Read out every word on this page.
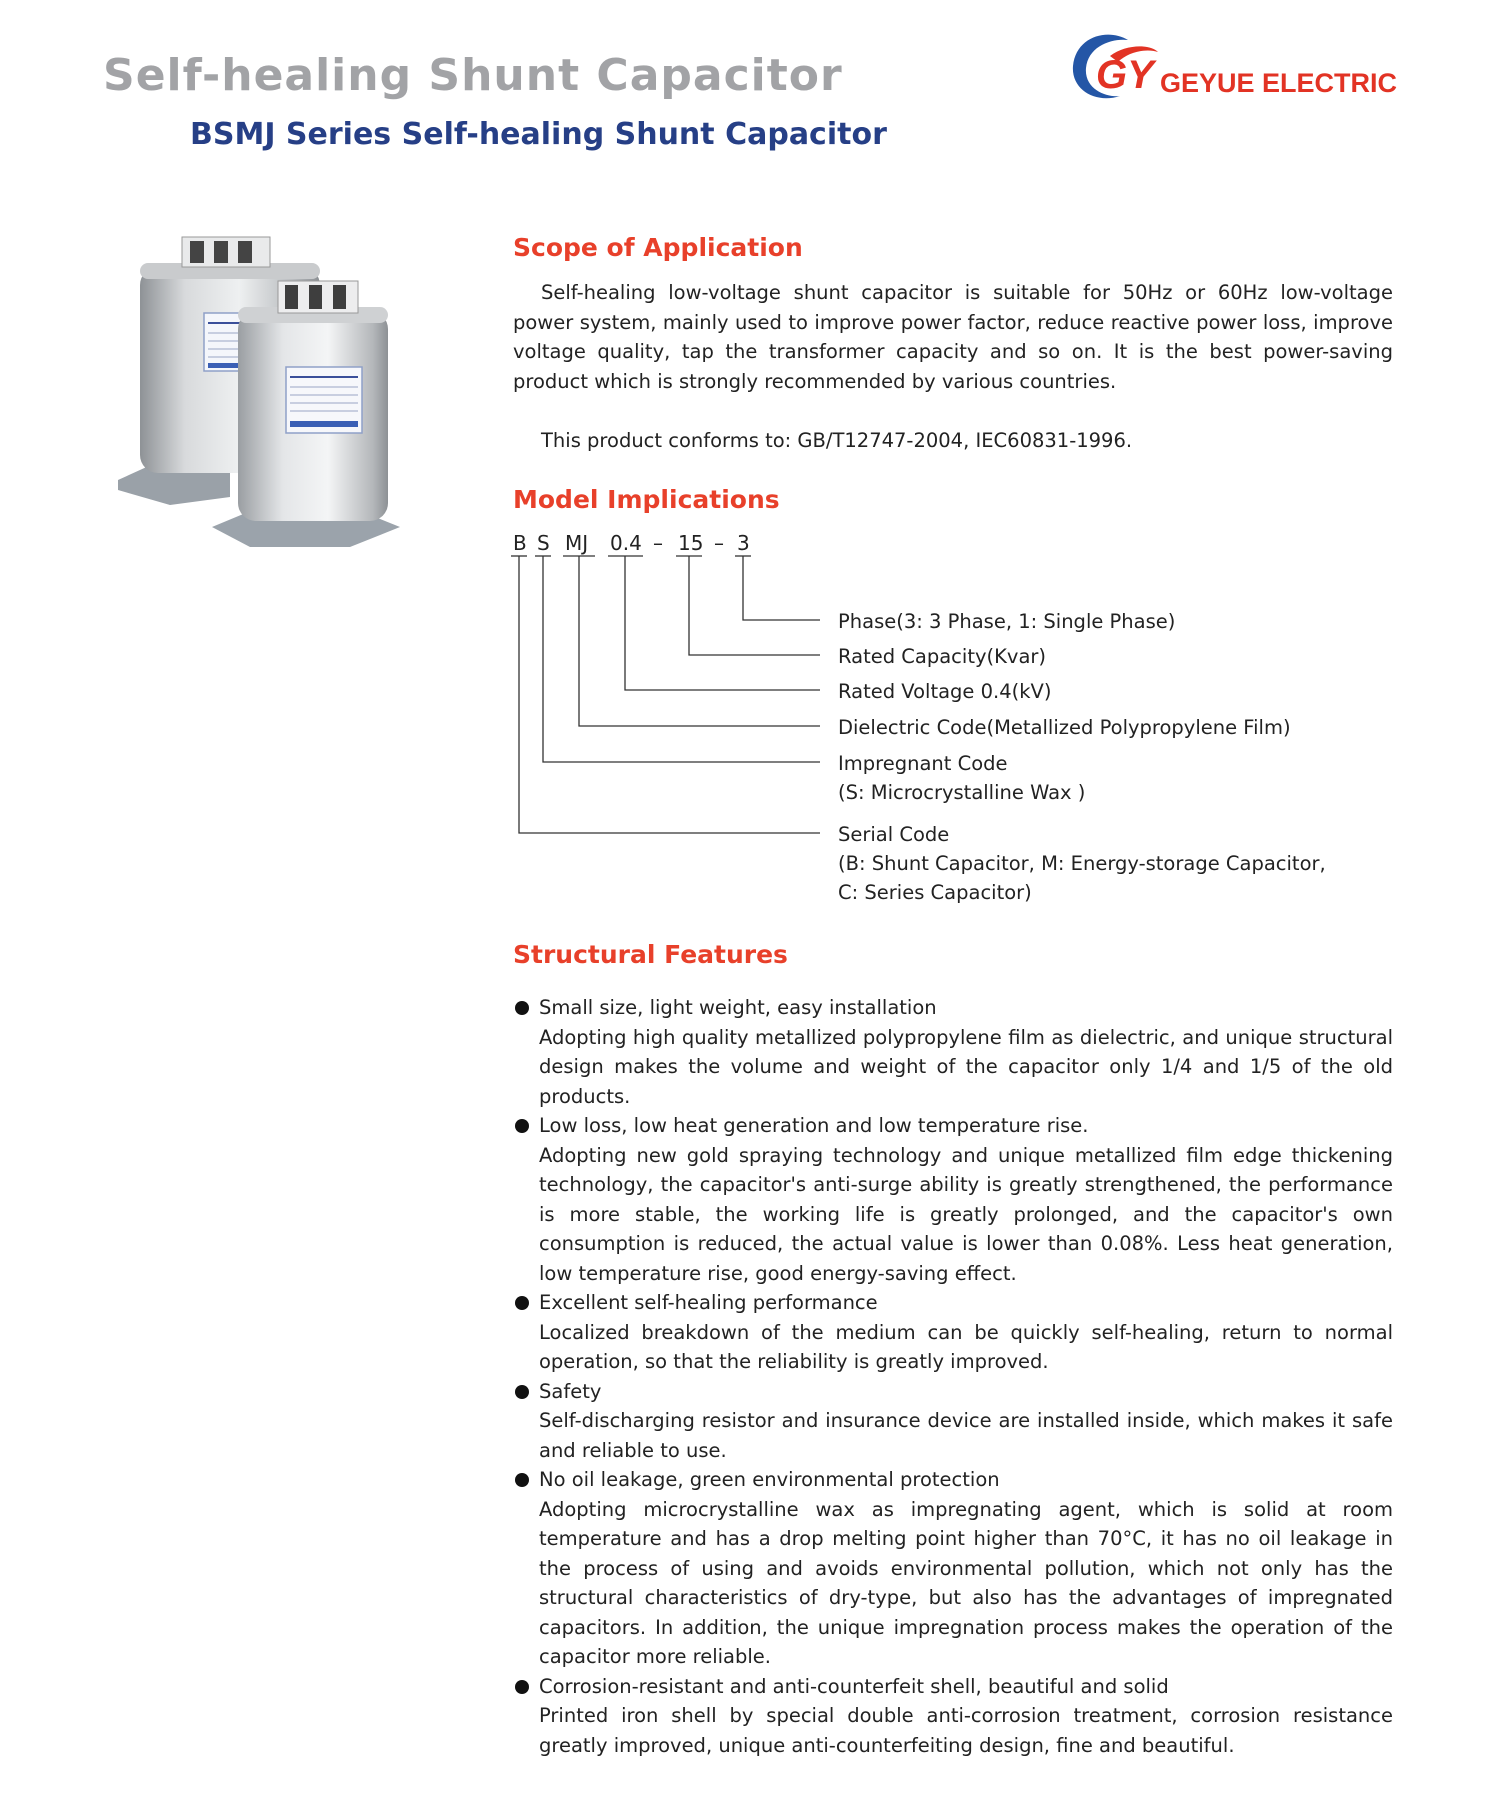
Self-healing Shunt Capacitor
BSMJ Series Self-healing Shunt Capacitor
GY GEYUE ELECTRIC
Scope of Application

Self-healing low-voltage shunt capacitor is suitable for 50Hz or 60Hz low-voltage power system, mainly used to improve power factor, reduce reactive power loss, improve voltage quality, tap the transformer capacity and so on. It is the best power-saving product which is strongly recommended by various countries.

This product conforms to: GB/T12747-2004, IEC60831-1996.

Model Implications
B S MJ 0.4 – 15 – 3

Phase(3: 3 Phase, 1: Single Phase)

Rated Capacity(Kvar)

Rated Voltage 0.4(kV)

Dielectric Code(Metallized Polypropylene Film)

Impregnant Code

(S: Microcrystalline Wax )

Serial Code

(B: Shunt Capacitor, M: Energy-storage Capacitor,

C: Series Capacitor)

Structural Features
Small size, light weight, easy installation
Adopting high quality metallized polypropylene film as dielectric, and unique structural design makes the volume and weight of the capacitor only 1/4 and 1/5 of the old products.
Low loss, low heat generation and low temperature rise.
Adopting new gold spraying technology and unique metallized film edge thickening technology, the capacitor's anti-surge ability is greatly strengthened, the performance is more stable, the working life is greatly prolonged, and the capacitor's own consumption is reduced, the actual value is lower than 0.08%. Less heat generation, low temperature rise, good energy-saving effect.
Excellent self-healing performance
Localized breakdown of the medium can be quickly self-healing, return to normal operation, so that the reliability is greatly improved.
Safety
Self-discharging resistor and insurance device are installed inside, which makes it safe and reliable to use.
No oil leakage, green environmental protection
Adopting microcrystalline wax as impregnating agent, which is solid at room temperature and has a drop melting point higher than 70°C, it has no oil leakage in the process of using and avoids environmental pollution, which not only has the structural characteristics of dry-type, but also has the advantages of impregnated capacitors. In addition, the unique impregnation process makes the operation of the capacitor more reliable.
Corrosion-resistant and anti-counterfeit shell, beautiful and solid
Printed iron shell by special double anti-corrosion treatment, corrosion resistance greatly improved, unique anti-counterfeiting design, fine and beautiful.
